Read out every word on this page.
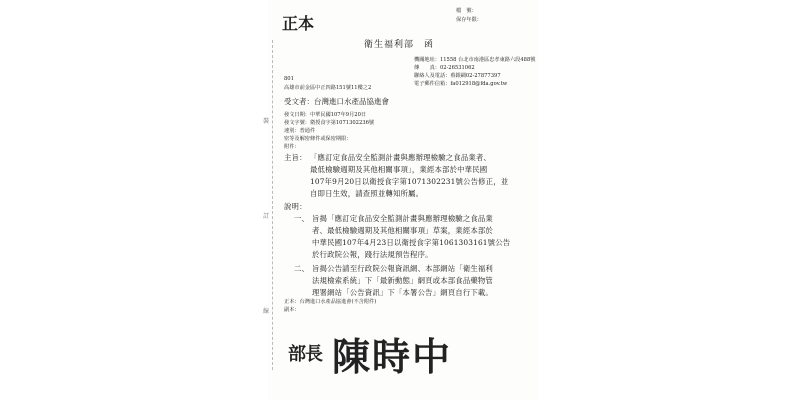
裝
訂
線
正本
檔　號：
保存年限：
衛生福利部　函
機關地址：11558 台北市南港區忠孝東路六段488號
傳　　真：02-26531062
聯絡人及電話：蔡銀綢02-27877397
電子郵件信箱：fa012918@fda.gov.tw
801
高雄市前金區中正四路151號11樓之2
受文者：台灣進口水產品協進會
發文日期：中華民國107年9月20日
發文字號：衛授食字第1071302236號
速別：普通件
密等及解密條件或保密期限：
附件：
主旨： 「應訂定食品安全監測計畫與應辦理檢驗之食品業者、
最低檢驗週期及其他相關事項」，業經本部於中華民國
107年9月20日以衛授食字第1071302231號公告修正，並
自即日生效，請查照並轉知所屬。
說明：
一、 旨揭「應訂定食品安全監測計畫與應辦理檢驗之食品業
者、最低檢驗週期及其他相關事項」草案，業經本部於
中華民國107年4月23日以衛授食字第1061303161號公告
於行政院公報，踐行法規預告程序。
二、 旨揭公告請至行政院公報資訊網、本部網站「衛生福利
法規檢索系統」下「最新動態」網頁或本部食品藥物管
理署網站「公告資訊」下「本署公告」網頁自行下載。
正本：台灣進口水產品協進會(不含附件)
副本：
部長 陳時中
